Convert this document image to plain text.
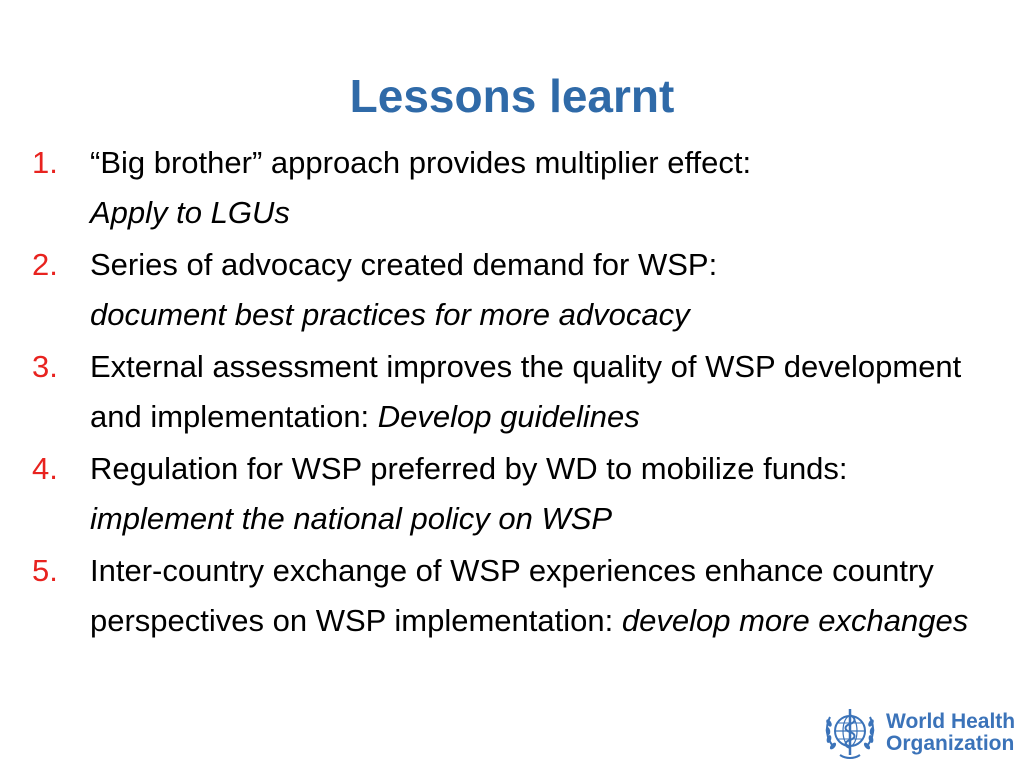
Lessons learnt
1. “Big brother” approach provides multiplier effect:
Apply to LGUs
2. Series of advocacy created demand for WSP:
document best practices for more advocacy
3. External assessment improves the quality of WSP development and implementation: Develop guidelines
4. Regulation for WSP preferred by WD to mobilize funds: implement the national policy on WSP
5. Inter-country exchange of WSP experiences enhance country perspectives on WSP implementation: develop more exchanges
World Health
Organization
